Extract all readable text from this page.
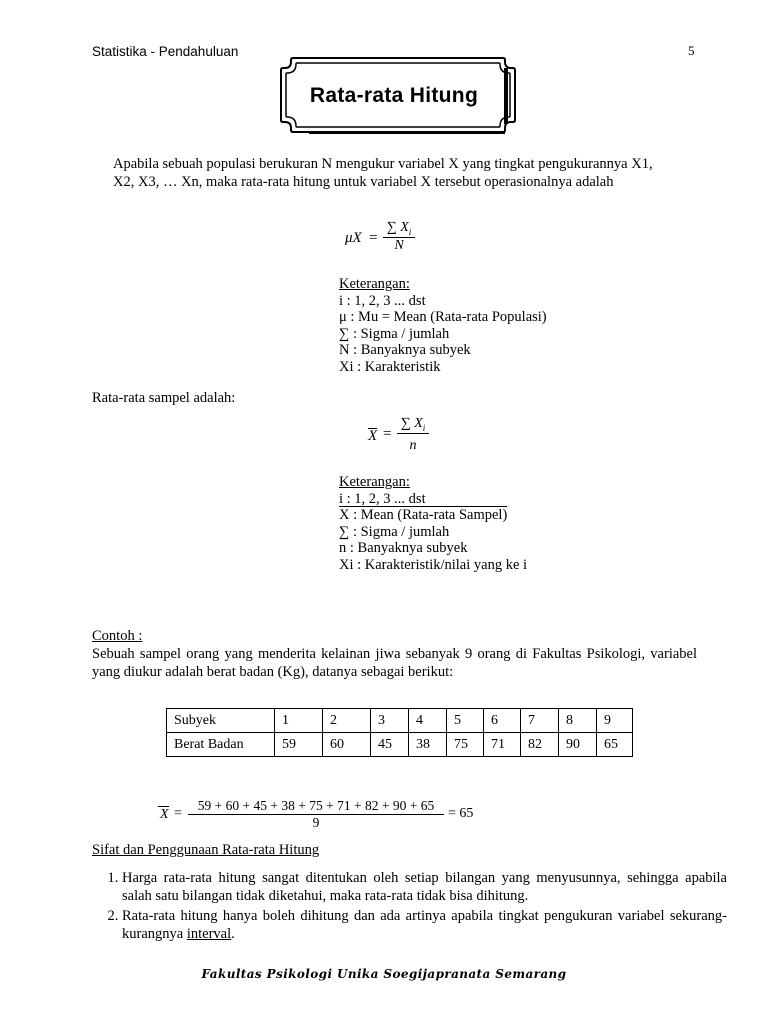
Statistika - Pendahuluan	5
Rata-rata Hitung
Apabila sebuah populasi berukuran N mengukur variabel X yang tingkat pengukurannya X1,
X2, X3, … Xn, maka rata-rata hitung untuk variabel X tersebut operasionalnya adalah
$\mu X = \frac{\sum X_i}{N}$
Keterangan:
i : 1, 2, 3 ... dst
μ : Mu = Mean (Rata-rata Populasi)
∑ : Sigma / jumlah
N : Banyaknya subyek
Xi : Karakteristik
Rata-rata sampel adalah:
$X = \frac{\sum X_i}{n}$
Keterangan:
i : 1, 2, 3 ... dst
X : Mean (Rata-rata Sampel)
∑ : Sigma / jumlah
n : Banyaknya subyek
Xi : Karakteristik/nilai yang ke i
Contoh :
Sebuah sampel orang yang menderita kelainan jiwa sebanyak 9 orang di Fakultas Psikologi, variabel yang diukur adalah berat badan (Kg), datanya sebagai berikut:
Subyek	1	2	3	4	5	6	7	8	9
Berat Badan	59	60	45	38	75	71	82	90	65
$X = \frac{59 + 60 + 45 + 38 + 75 + 71 + 82 + 90 + 65}{9} = 65$
Sifat dan Penggunaan Rata-rata Hitung
1. Harga rata-rata hitung sangat ditentukan oleh setiap bilangan yang menyusunnya, sehingga apabila salah satu bilangan tidak diketahui, maka rata-rata tidak bisa dihitung.
2. Rata-rata hitung hanya boleh dihitung dan ada artinya apabila tingkat pengukuran variabel sekurang-kurangnya interval.
Fakultas Psikologi Unika Soegijapranata Semarang
